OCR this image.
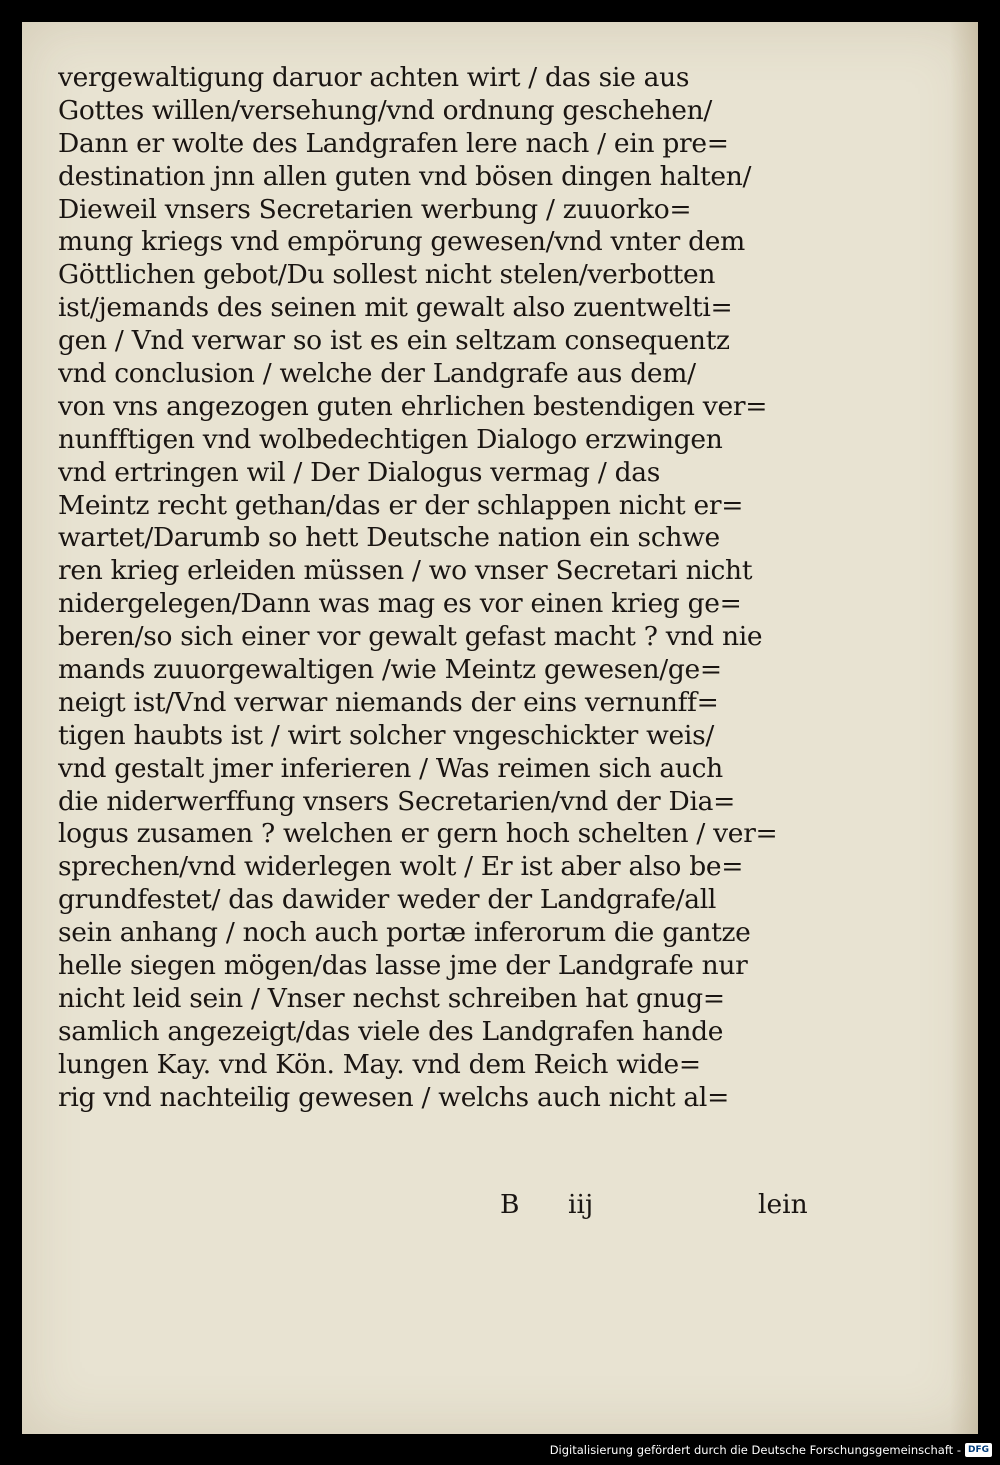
vergewaltigung daruor achten wirt / das sie aus
Gottes willen/versehung/vnd ordnung geschehen/
Dann er wolte des Landgrafen lere nach / ein pre=
destination jnn allen guten vnd bösen dingen halten/
Dieweil vnsers Secretarien werbung / zuuorko=
mung kriegs vnd empörung gewesen/vnd vnter dem
Göttlichen gebot/Du sollest nicht stelen/verbotten
ist/jemands des seinen mit gewalt also zuentwelti=
gen / Vnd verwar so ist es ein seltzam consequentz
vnd conclusion / welche der Landgrafe aus dem/
von vns angezogen guten ehrlichen bestendigen ver=
nunfftigen vnd wolbedechtigen Dialogo erzwingen
vnd ertringen wil / Der Dialogus vermag / das
Meintz recht gethan/das er der schlappen nicht er=
wartet/Darumb so hett Deutsche nation ein schwe
ren krieg erleiden müssen / wo vnser Secretari nicht
nidergelegen/Dann was mag es vor einen krieg ge=
beren/so sich einer vor gewalt gefast macht ? vnd nie
mands zuuorgewaltigen /wie Meintz gewesen/ge=
neigt ist/Vnd verwar niemands der eins vernunff=
tigen haubts ist / wirt solcher vngeschickter weis/
vnd gestalt jmer inferieren / Was reimen sich auch
die niderwerffung vnsers Secretarien/vnd der Dia=
logus zusamen ? welchen er gern hoch schelten / ver=
sprechen/vnd widerlegen wolt / Er ist aber also be=
grundfestet/ das dawider weder der Landgrafe/all
sein anhang / noch auch portæ inferorum die gantze
helle siegen mögen/das lasse jme der Landgrafe nur
nicht leid sein / Vnser nechst schreiben hat gnug=
samlich angezeigt/das viele des Landgrafen hande
lungen Kay. vnd Kön. May. vnd dem Reich wide=
rig vnd nachteilig gewesen / welchs auch nicht al=
B iij	lein
Digitalisierung gefördert durch die Deutsche Forschungsgemeinschaft - DFG
